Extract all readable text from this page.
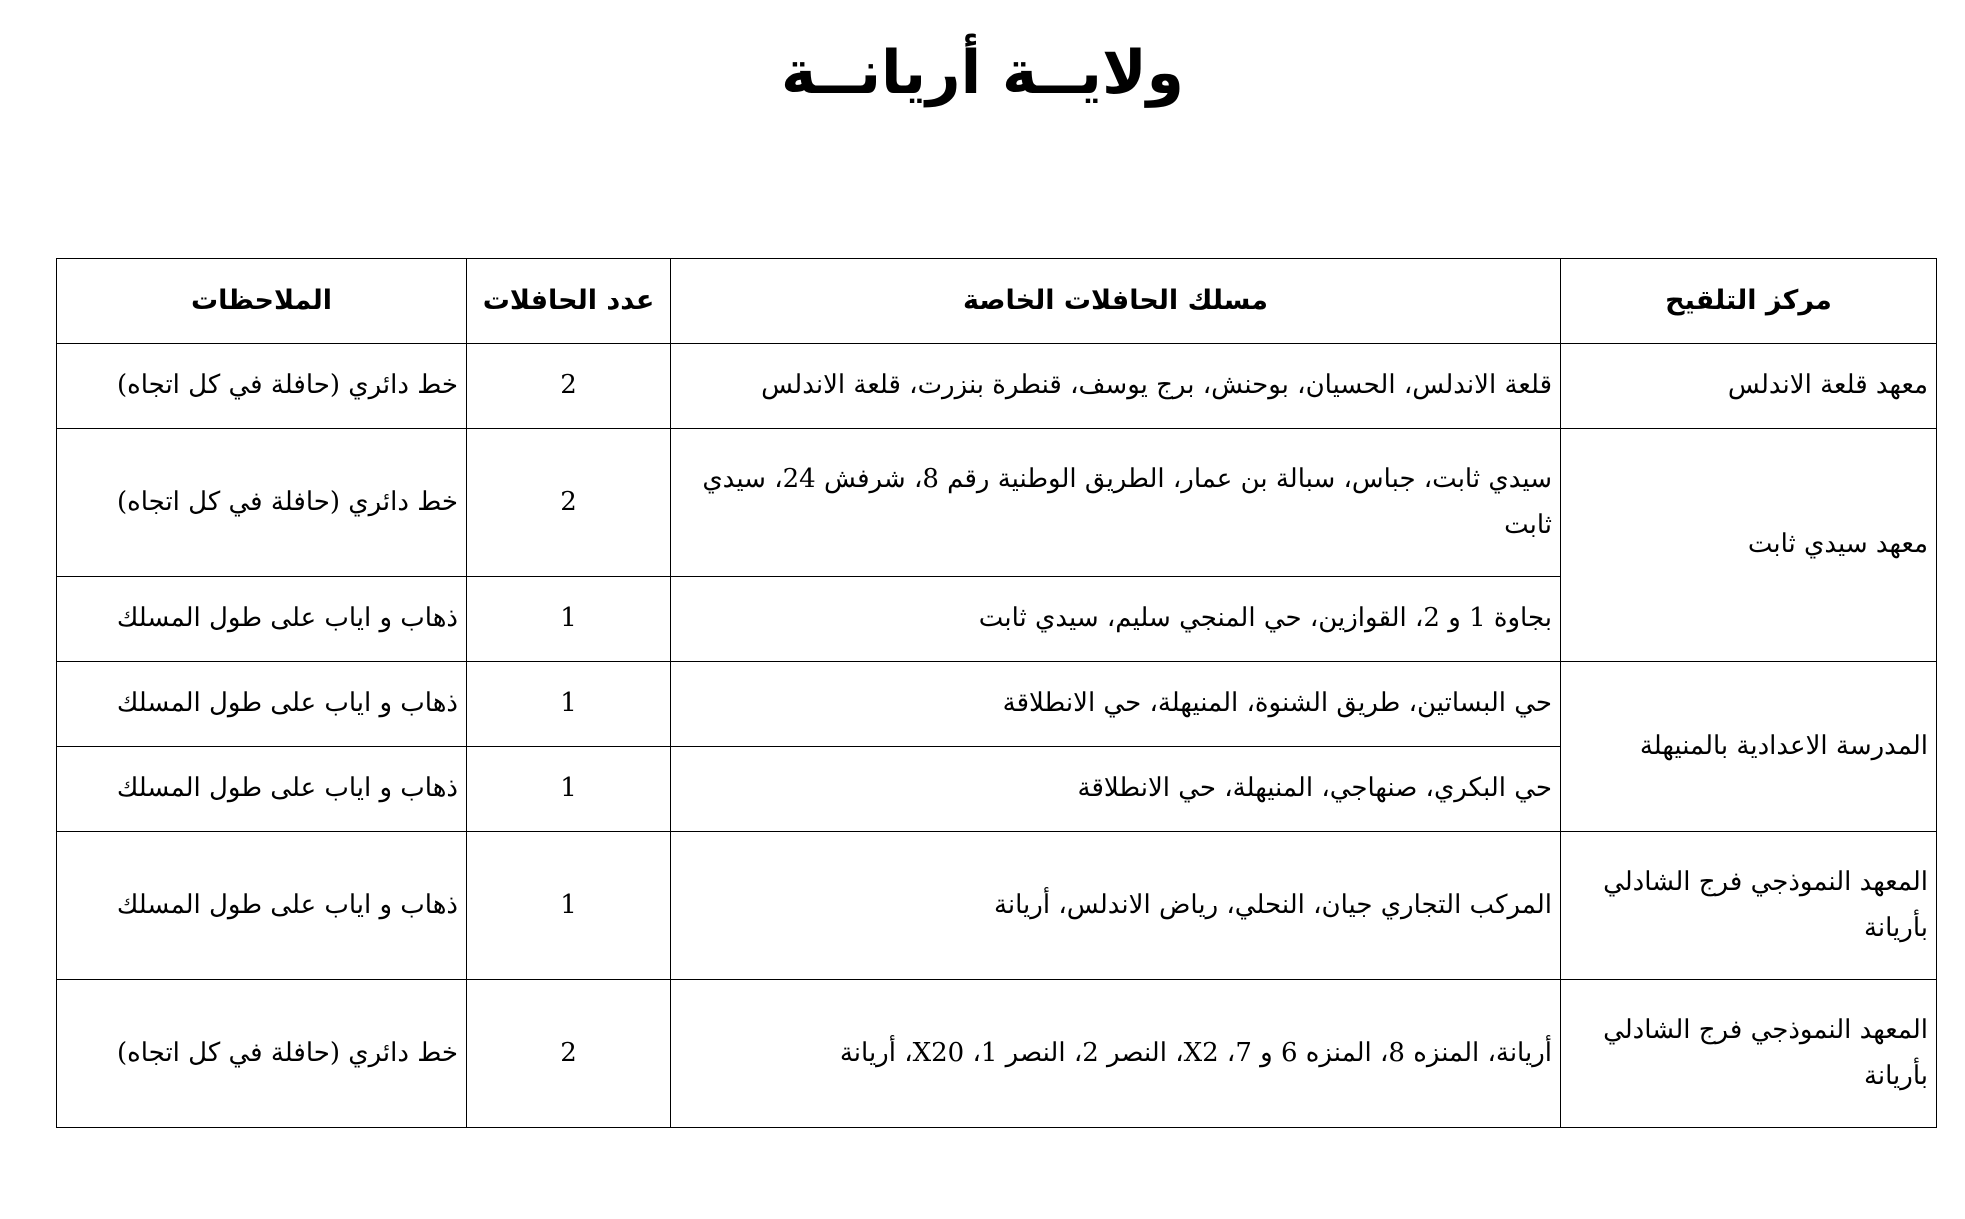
ولايــة أريانــة
مركز التلقيح	مسلك الحافلات الخاصة	عدد الحافلات	الملاحظات
معهد قلعة الاندلس	قلعة الاندلس، الحسيان، بوحنش، برج يوسف، قنطرة بنزرت، قلعة الاندلس	2	خط دائري (حافلة في كل اتجاه)
معهد سيدي ثابت	سيدي ثابت، جباس، سبالة بن عمار، الطريق الوطنية رقم 8، شرفش 24، سيدي ثابت	2	خط دائري (حافلة في كل اتجاه)
	بجاوة 1 و 2، القوازين، حي المنجي سليم، سيدي ثابت	1	ذهاب و اياب على طول المسلك
المدرسة الاعدادية بالمنيهلة	حي البساتين، طريق الشنوة، المنيهلة، حي الانطلاقة	1	ذهاب و اياب على طول المسلك
	حي البكري، صنهاجي، المنيهلة، حي الانطلاقة	1	ذهاب و اياب على طول المسلك
المعهد النموذجي فرج الشادلي بأريانة	المركب التجاري جيان، النحلي، رياض الاندلس، أريانة	1	ذهاب و اياب على طول المسلك
المعهد النموذجي فرج الشادلي بأريانة	أريانة، المنزه 8، المنزه 6 و 7، X2، النصر 2، النصر 1، X20، أريانة	2	خط دائري (حافلة في كل اتجاه)
